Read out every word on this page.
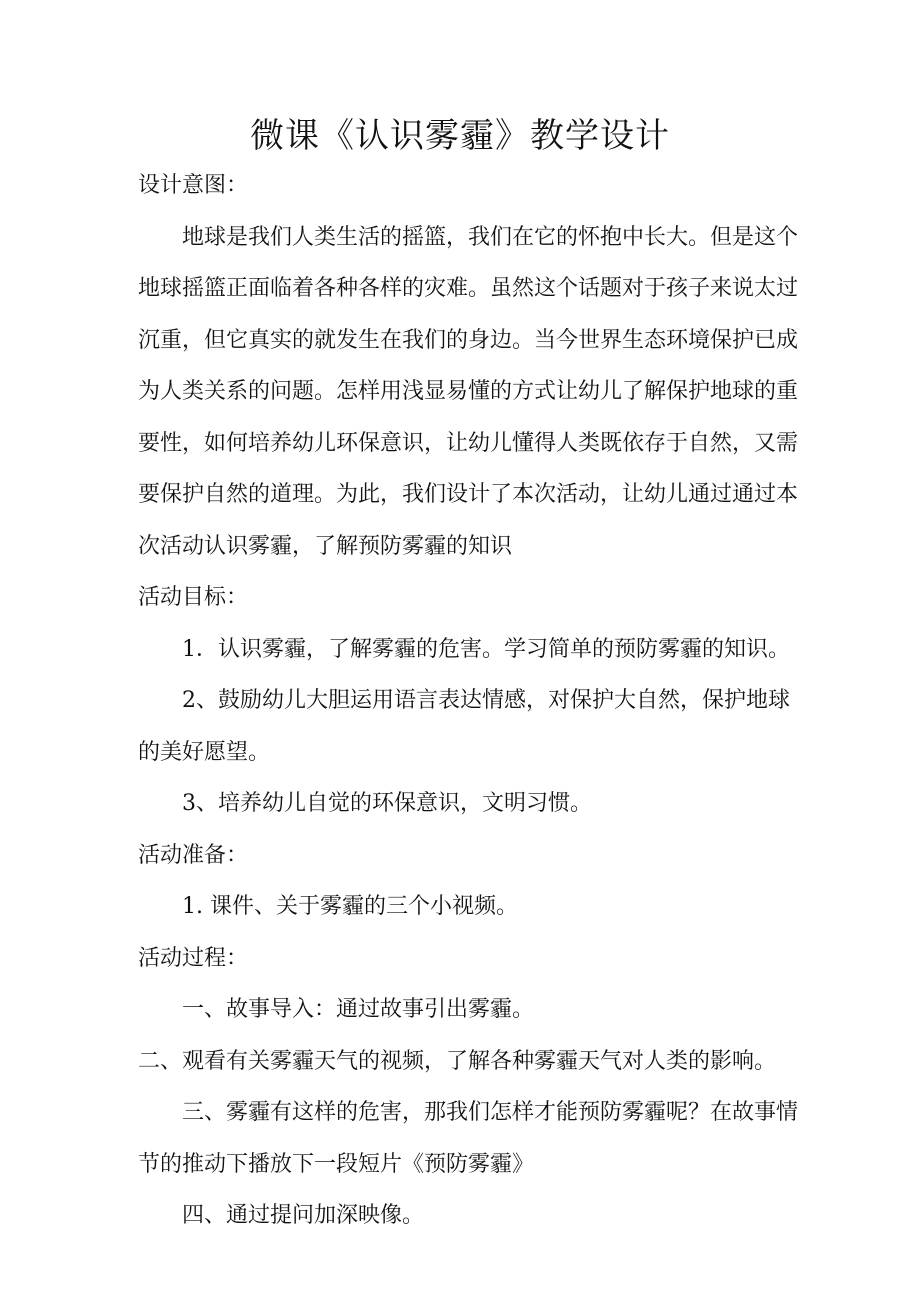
微课《认识雾霾》教学设计

设计意图：

地球是我们人类生活的摇篮，我们在它的怀抱中长大。但是这个

地球摇篮正面临着各种各样的灾难。虽然这个话题对于孩子来说太过

沉重，但它真实的就发生在我们的身边。当今世界生态环境保护已成

为人类关系的问题。怎样用浅显易懂的方式让幼儿了解保护地球的重

要性，如何培养幼儿环保意识，让幼儿懂得人类既依存于自然，又需

要保护自然的道理。为此，我们设计了本次活动，让幼儿通过通过本

次活动认识雾霾，了解预防雾霾的知识

活动目标：

1．认识雾霾，了解雾霾的危害。学习简单的预防雾霾的知识。

2、鼓励幼儿大胆运用语言表达情感，对保护大自然，保护地球

的美好愿望。

3、培养幼儿自觉的环保意识，文明习惯。

活动准备：

1. 课件、关于雾霾的三个小视频。

活动过程：

一、故事导入：通过故事引出雾霾。

二、观看有关雾霾天气的视频，了解各种雾霾天气对人类的影响。

三、雾霾有这样的危害，那我们怎样才能预防雾霾呢？在故事情

节的推动下播放下一段短片《预防雾霾》

四、通过提问加深映像。
